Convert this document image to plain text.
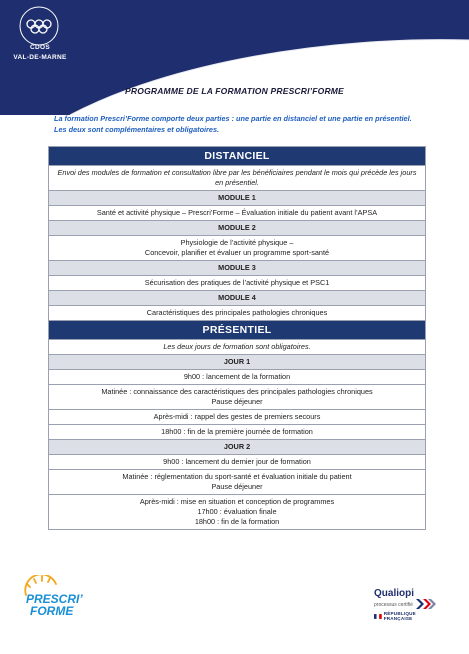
CDOS
VAL-DE-MARNE
PROGRAMME DE LA FORMATION PRESCRI’FORME
La formation Prescri’Forme comporte deux parties : une partie en distanciel et une partie en présentiel. Les deux sont complémentaires et obligatoires.
DISTANCIEL
Envoi des modules de formation et consultation libre par les bénéficiaires pendant le mois qui précède les jours en présentiel.
MODULE 1

Santé et activité physique – Prescri’Forme – Évaluation initiale du patient avant l’APSA

MODULE 2

Physiologie de l’activité physique –
Concevoir, planifier et évaluer un programme sport-santé

MODULE 3

Sécurisation des pratiques de l’activité physique et PSC1

MODULE 4

Caractéristiques des principales pathologies chroniques

PRÉSENTIEL
Les deux jours de formation sont obligatoires.
JOUR 1
9h00 : lancement de la formation

Matinée : connaissance des caractéristiques des principales pathologies chroniques
Pause déjeuner

Après-midi : rappel des gestes de premiers secours
18h00 : fin de la première journée de formation
JOUR 2
9h00 : lancement du dernier jour de formation

Matinée : réglementation du sport-santé et évaluation initiale du patient
Pause déjeuner

Après-midi : mise en situation et conception de programmes
17h00 : évaluation finale
18h00 : fin de la formation
PRESCRI’
FORME
Qualiopi
processus certifié
RÉPUBLIQUE FRANÇAISE
